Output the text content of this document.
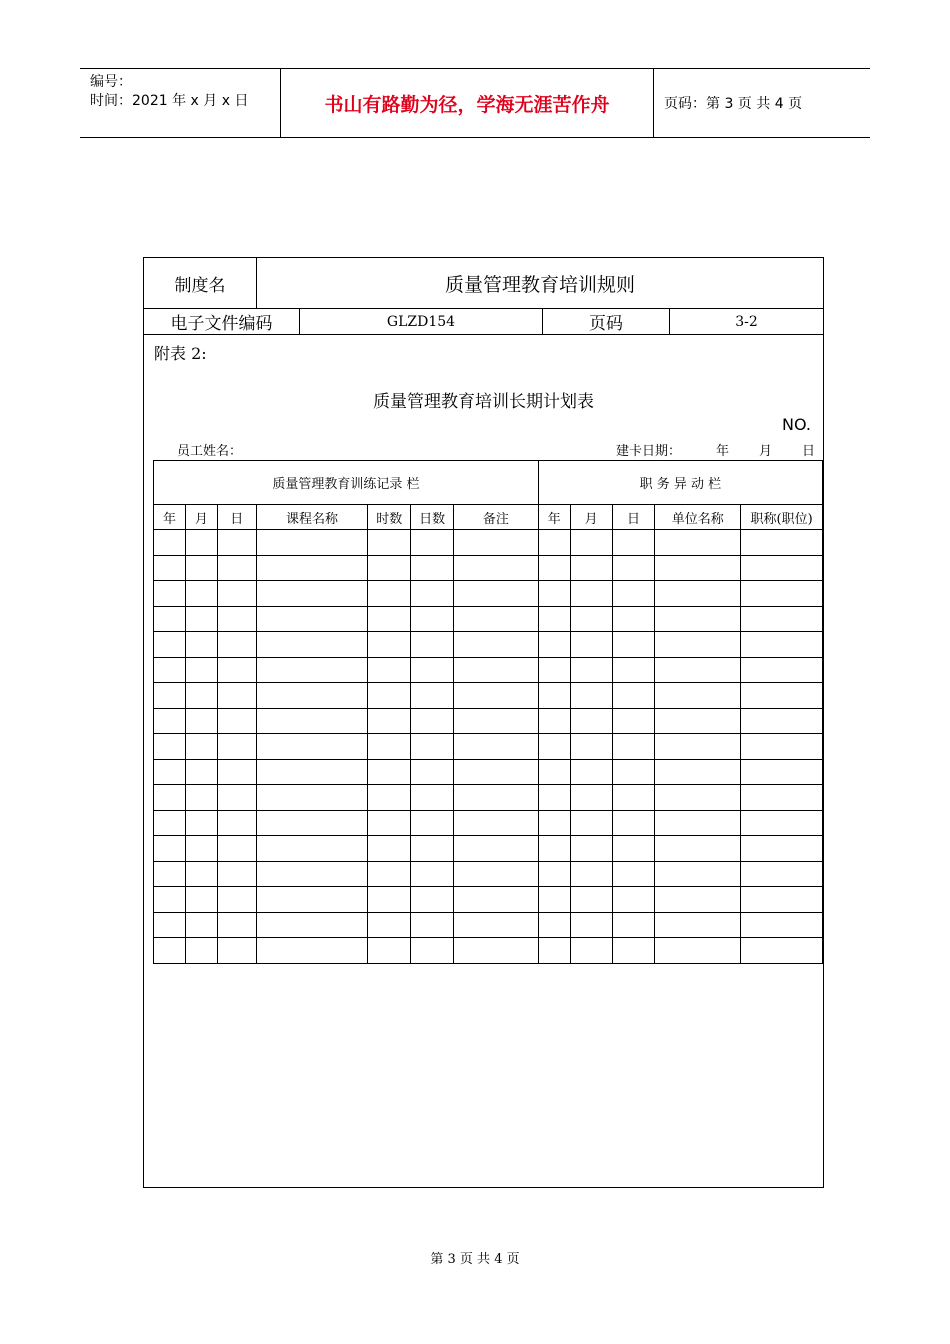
编号：
时间：2021 年 x 月 x 日	书山有路勤为径，学海无涯苦作舟	页码：第 3 页 共 4 页
制度名	质量管理教育培训规则
电子文件编码	GLZD154	页码	3-2
附表 2:
质量管理教育培训长期计划表
NO.
员工姓名：	建卡日期：	年 月 日
质量管理教育训练记录 栏							职 务 异 动 栏				
年	月	日	课程名称	时数	日数	备注	年	月	日	单位名称	职称(职位)

第 3 页 共 4 页
